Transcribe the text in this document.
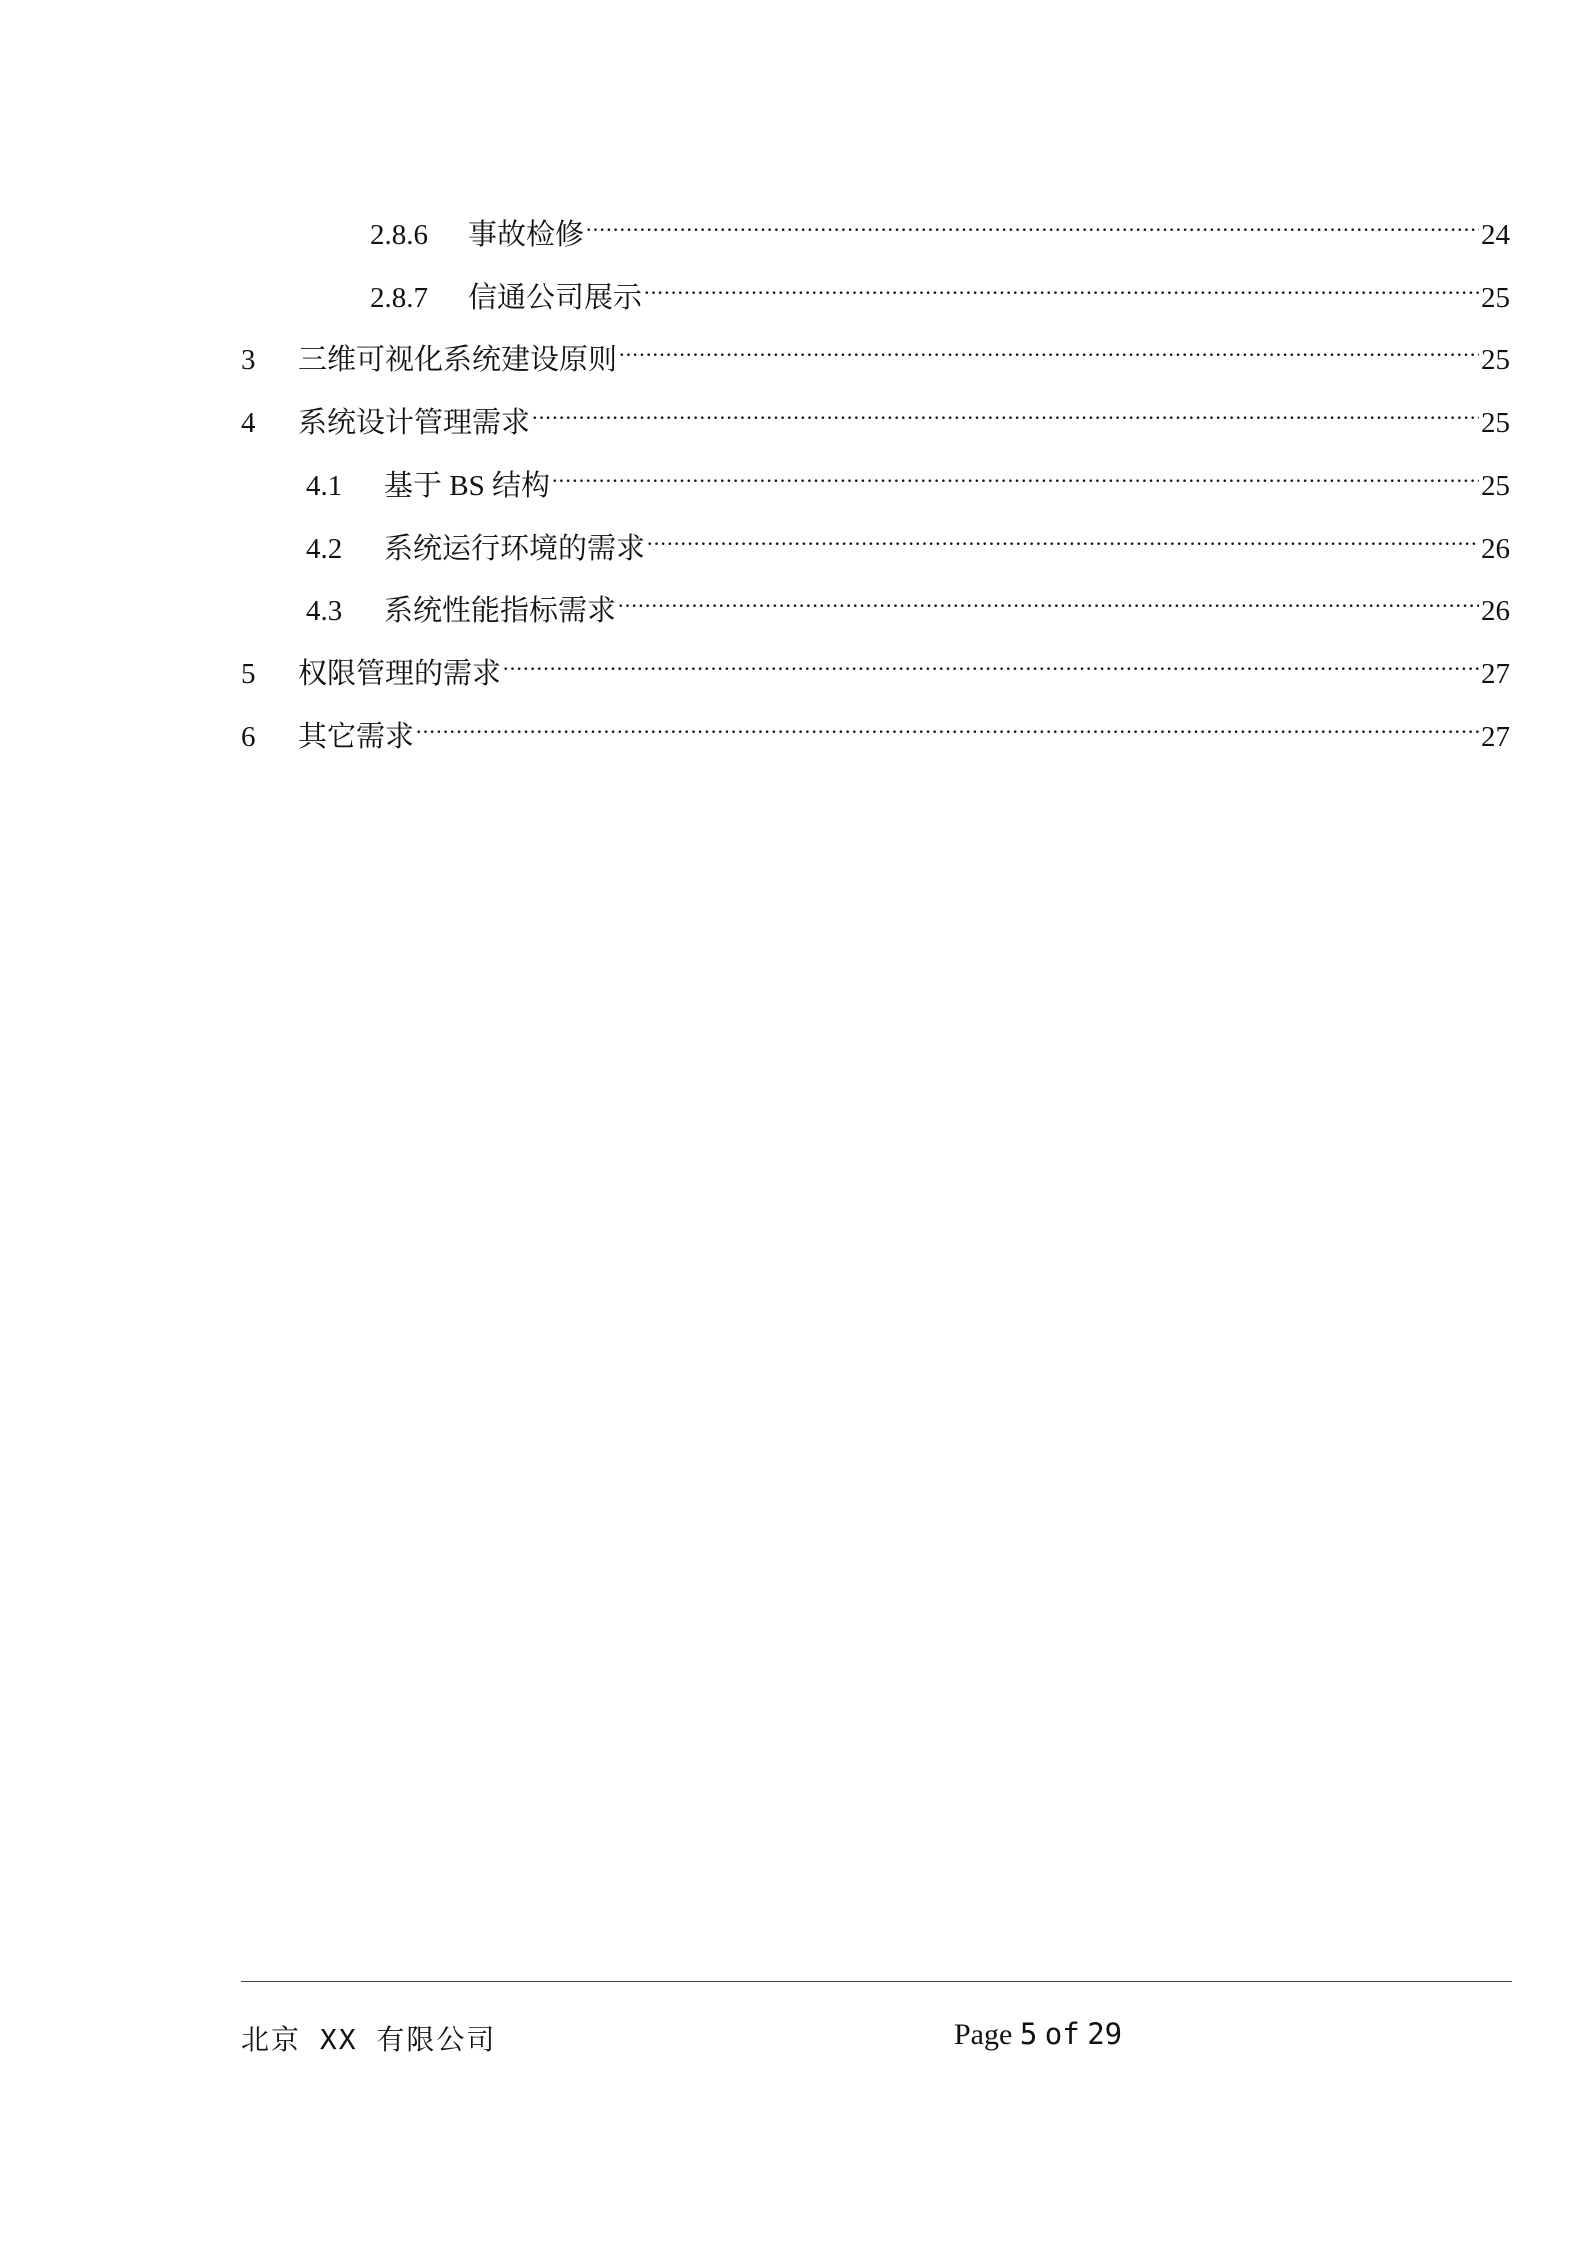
2.8.6	事故检修 .....	24
2.8.7	信通公司展示 .....	25
3	三维可视化系统建设原则 .....	25
4	系统设计管理需求 .....	25
4.1	基于 BS 结构 .....	25
4.2	系统运行环境的需求 .....	26
4.3	系统性能指标需求 .....	26
5	权限管理的需求 .....	27
6	其它需求 .....	27
北京 XX 有限公司	Page 5 of 29
